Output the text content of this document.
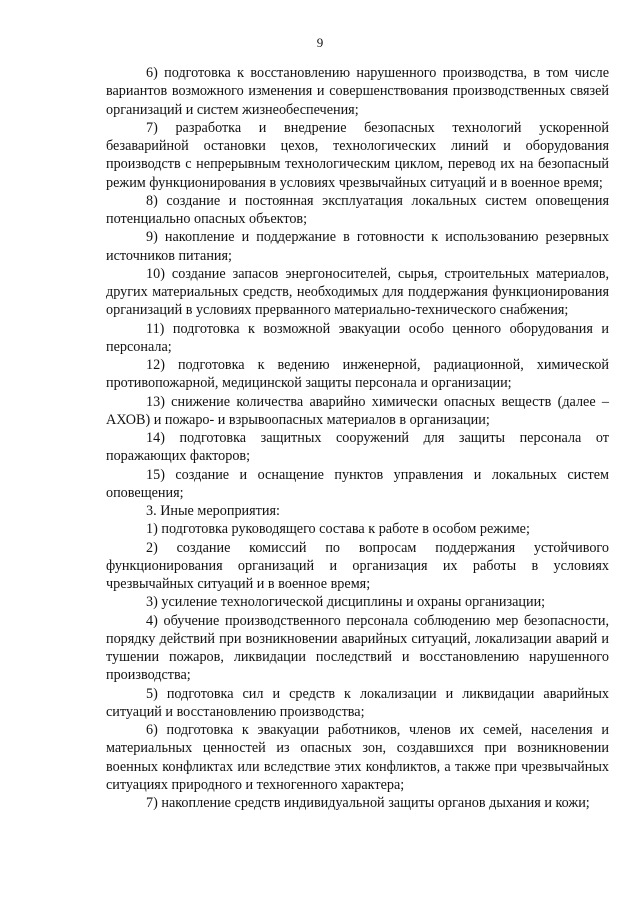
9

6) подготовка к восстановлению нарушенного производства, в том числе вариантов возможного изменения и совершенствования производственных связей организаций и систем жизнеобеспечения;

7) разработка и внедрение безопасных технологий ускоренной безаварийной остановки цехов, технологических линий и оборудования производств с непрерывным технологическим циклом, перевод их на безопасный режим функционирования в условиях чрезвычайных ситуаций и в военное время;

8) создание и постоянная эксплуатация локальных систем оповещения потенциально опасных объектов;

9) накопление и поддержание в готовности к использованию резервных источников питания;

10) создание запасов энергоносителей, сырья, строительных материалов, других материальных средств, необходимых для поддержания функционирования организаций в условиях прерванного материально-технического снабжения;

11) подготовка к возможной эвакуации особо ценного оборудования и персонала;

12) подготовка к ведению инженерной, радиационной, химической противопожарной, медицинской защиты персонала и организации;

13) снижение количества аварийно химически опасных веществ (далее – АХОВ) и пожаро- и взрывоопасных материалов в организации;

14) подготовка защитных сооружений для защиты персонала от поражающих факторов;

15) создание и оснащение пунктов управления и локальных систем оповещения;

3. Иные мероприятия:

1) подготовка руководящего состава к работе в особом режиме;

2) создание комиссий по вопросам поддержания устойчивого функционирования организаций и организация их работы в условиях чрезвычайных ситуаций и в военное время;

3) усиление технологической дисциплины и охраны организации;

4) обучение производственного персонала соблюдению мер безопасности, порядку действий при возникновении аварийных ситуаций, локализации аварий и тушении пожаров, ликвидации последствий и восстановлению нарушенного производства;

5) подготовка сил и средств к локализации и ликвидации аварийных ситуаций и восстановлению производства;

6) подготовка к эвакуации работников, членов их семей, населения и материальных ценностей из опасных зон, создавшихся при возникновении военных конфликтах или вследствие этих конфликтов, а также при чрезвычайных ситуациях природного и техногенного характера;

7) накопление средств индивидуальной защиты органов дыхания и кожи;
